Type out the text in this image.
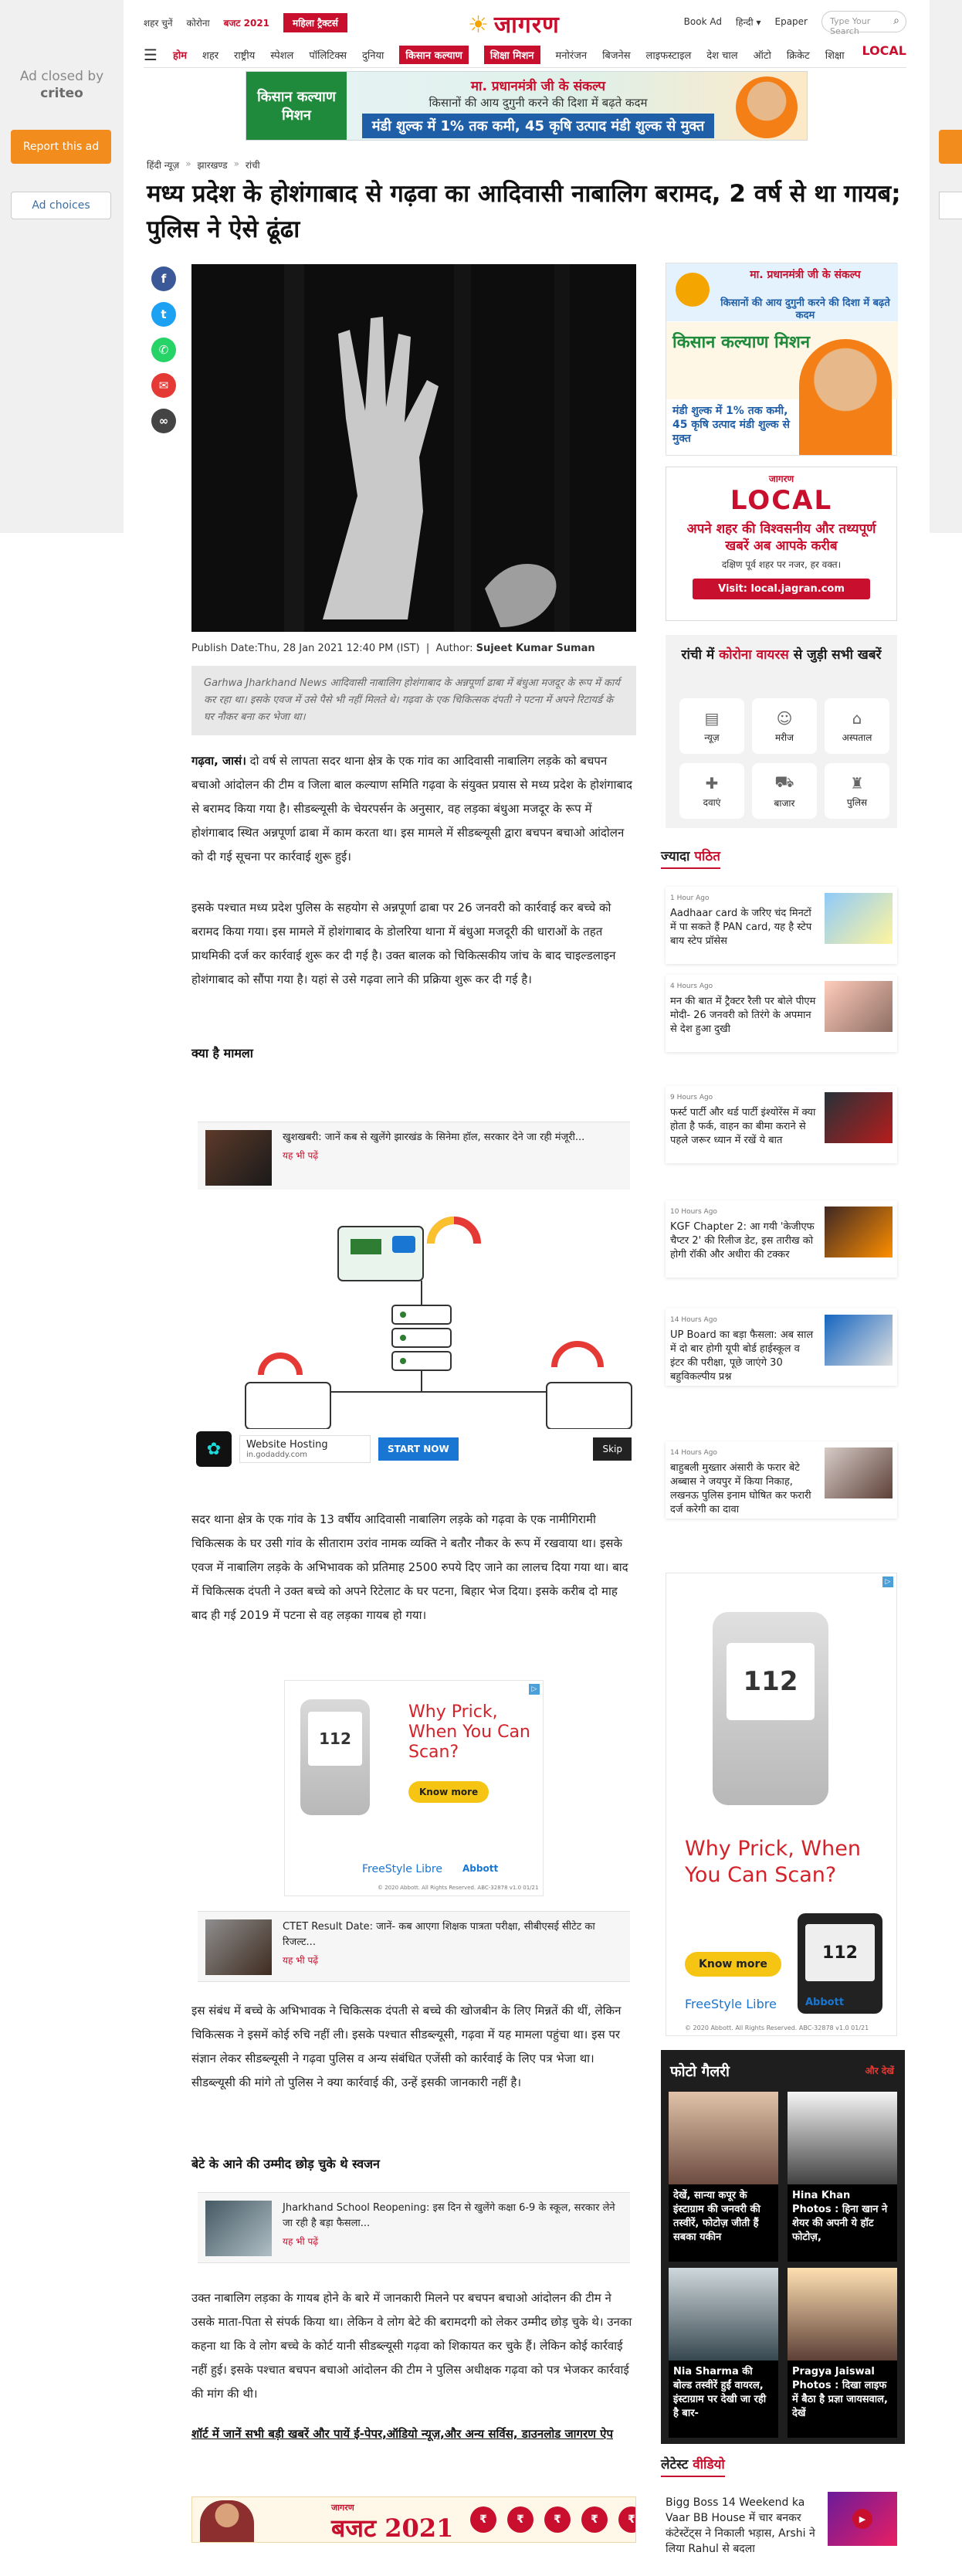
Ad closed by
criteo
Report this ad
Ad choices
शहर चुनें कोरोना बजट 2021	महिला ट्रैक्टर्स	☀ जागरण	Book Ad हिन्दी ▾ Epaper	Type Your Search
⌕
☰ होम शहर राष्ट्रीय स्पेशल पॉलिटिक्स दुनिया	किसान कल्याण	शिक्षा मिशन	मनोरंजन बिजनेस लाइफस्टाइल देश चाल ऑटो क्रिकेट शिक्षा LOCAL
किसान कल्याण मिशन
मा. प्रधानमंत्री जी के संकल्प
किसानों की आय दुगुनी करने की दिशा में बढ़ते कदम
मंडी शुल्क में 1% तक कमी, 45 कृषि उत्पाद मंडी शुल्क से मुक्त
हिंदी न्यूज़ » झारखण्ड » रांची
मध्य प्रदेश के होशंगाबाद से गढ़वा का आदिवासी नाबालिग बरामद, 2 वर्ष से था गायब; पुलिस ने ऐसे ढूंढा
f
t
✆
✉
∞
Publish Date:Thu, 28 Jan 2021 12:40 PM (IST)  |  Author: Sujeet Kumar Suman
Garhwa Jharkhand News आदिवासी नाबालिग होशंगाबाद के अन्नपूर्णा ढाबा में बंधुआ मजदूर के रूप में कार्य कर रहा था। इसके एवज में उसे पैसे भी नहीं मिलते थे। गढ़वा के एक चिकित्सक दंपती ने पटना में अपने रिटायर्ड के घर नौकर बना कर भेजा था।
गढ़वा, जासं। दो वर्ष से लापता सदर थाना क्षेत्र के एक गांव का आदिवासी नाबालिग लड़के को बचपन बचाओ आंदोलन की टीम व जिला बाल कल्याण समिति गढ़वा के संयुक्त प्रयास से मध्य प्रदेश के होशंगाबाद से बरामद किया गया है। सीडब्ल्यूसी के चेयरपर्सन के अनुसार, वह लड़का बंधुआ मजदूर के रूप में होशंगाबाद स्थित अन्नपूर्णा ढाबा में काम करता था। इस मामले में सीडब्ल्यूसी द्वारा बचपन बचाओ आंदोलन को दी गई सूचना पर कार्रवाई शुरू हुई।
इसके पश्चात मध्य प्रदेश पुलिस के सहयोग से अन्नपूर्णा ढाबा पर 26 जनवरी को कार्रवाई कर बच्चे को बरामद किया गया। इस मामले में होशंगाबाद के डोलरिया थाना में बंधुआ मजदूरी की धाराओं के तहत प्राथमिकी दर्ज कर कार्रवाई शुरू कर दी गई है। उक्त बालक को चिकित्सकीय जांच के बाद चाइल्डलाइन होशंगाबाद को सौंपा गया है। यहां से उसे गढ़वा लाने की प्रक्रिया शुरू कर दी गई है।
क्या है मामला
खुशखबरी: जानें कब से खुलेंगे झारखंड के सिनेमा हॉल, सरकार देने जा रही मंजूरी...
यह भी पढ़ें
✿	Website Hosting
in.godaddy.com
START NOW	Skip
सदर थाना क्षेत्र के एक गांव के 13 वर्षीय आदिवासी नाबालिग लड़के को गढ़वा के एक नामीगिरामी चिकित्सक के घर उसी गांव के सीताराम उरांव नामक व्यक्ति ने बतौर नौकर के रूप में रखवाया था। इसके एवज में नाबालिग लड़के के अभिभावक को प्रतिमाह 2500 रुपये दिए जाने का लालच दिया गया था। बाद में चिकित्सक दंपती ने उक्त बच्चे को अपने रिटेलाट के घर पटना, बिहार भेज दिया। इसके करीब दो माह बाद ही गई 2019 में पटना से वह लड़का गायब हो गया।
▷
112
Why Prick, When You Can Scan?
Know more
FreeStyle Libre Abbott
© 2020 Abbott. All Rights Reserved. ABC-32878 v1.0 01/21
CTET Result Date: जानें- कब आएगा शिक्षक पात्रता परीक्षा, सीबीएसई सीटेट का रिजल्ट...
यह भी पढ़ें
इस संबंध में बच्चे के अभिभावक ने चिकित्सक दंपती से बच्चे की खोजबीन के लिए मिन्नतें की थीं, लेकिन चिकित्सक ने इसमें कोई रुचि नहीं ली। इसके पश्चात सीडब्ल्यूसी, गढ़वा में यह मामला पहुंचा था। इस पर संज्ञान लेकर सीडब्ल्यूसी ने गढ़वा पुलिस व अन्य संबंधित एजेंसी को कार्रवाई के लिए पत्र भेजा था। सीडब्ल्यूसी की मांगे तो पुलिस ने क्या कार्रवाई की, उन्हें इसकी जानकारी नहीं है।
बेटे के आने की उम्मीद छोड़ चुके थे स्वजन
Jharkhand School Reopening: इस दिन से खुलेंगे कक्षा 6-9 के स्कूल, सरकार लेने जा रही है बड़ा फैसला...
यह भी पढ़ें
उक्त नाबालिग लड़का के गायब होने के बारे में जानकारी मिलने पर बचपन बचाओ आंदोलन की टीम ने उसके माता-पिता से संपर्क किया था। लेकिन वे लोग बेटे की बरामदगी को लेकर उम्मीद छोड़ चुके थे। उनका कहना था कि वे लोग बच्चे के कोर्ट यानी सीडब्ल्यूसी गढ़वा को शिकायत कर चुके हैं। लेकिन कोई कार्रवाई नहीं हुई। इसके पश्चात बचपन बचाओ आंदोलन की टीम ने पुलिस अधीक्षक गढ़वा को पत्र भेजकर कार्रवाई की मांग की थी।
शॉर्ट में जानें सभी बड़ी खबरें और पायें ई-पेपर,ऑडियो न्यूज़,और अन्य सर्विस, डाउनलोड जागरण ऐप
जागरण
बजट 2021	₹	₹	₹	₹	₹
मा. प्रधानमंत्री जी के संकल्प
किसानों की आय दुगुनी करने की दिशा में बढ़ते कदम
किसान कल्याण मिशन
मंडी शुल्क में 1% तक कमी, 45 कृषि उत्पाद मंडी शुल्क से मुक्त
जागरण
LOCAL
अपने शहर की विश्वसनीय और तथ्यपूर्ण खबरें अब आपके करीब
दक्षिण पूर्व शहर पर नजर, हर वक्त।
Visit: local.jagran.com
रांची में कोरोना वायरस से जुड़ी सभी खबरें
▤
न्यूज़
☺
मरीज
⌂
अस्पताल
✚
दवाएं
⛟
बाजार
♜
पुलिस
ज्यादा पठित
1 Hour Ago
Aadhaar card के जरिए चंद मिनटों में पा सकते हैं PAN card, यह है स्टेप बाय स्टेप प्रॉसेस
4 Hours Ago
मन की बात में ट्रैक्टर रैली पर बोले पीएम मोदी- 26 जनवरी को तिरंगे के अपमान से देश हुआ दुखी
9 Hours Ago
फर्स्ट पार्टी और थर्ड पार्टी इंश्योरेंस में क्या होता है फर्क, वाहन का बीमा कराने से पहले जरूर ध्यान में रखें ये बात
10 Hours Ago
KGF Chapter 2: आ गयी 'केजीएफ चैप्टर 2' की रिलीज डेट, इस तारीख को होगी रॉकी और अधीरा की टक्कर
14 Hours Ago
UP Board का बड़ा फैसला: अब साल में दो बार होगी यूपी बोर्ड हाईस्कूल व इंटर की परीक्षा, पूछे जाएंगे 30 बहुविकल्पीय प्रश्न
14 Hours Ago
बाहुबली मुख्तार अंसारी के फरार बेटे अब्बास ने जयपुर में किया निकाह, लखनऊ पुलिस इनाम घोषित कर फरारी दर्ज करेगी का दावा
▷
112
Why Prick, When You Can Scan?
Know more
112
FreeStyle Libre	Abbott
© 2020 Abbott. All Rights Reserved. ABC-32878 v1.0 01/21
फोटो गैलरी	और देखें
देखें, सान्या कपूर के इंस्टाग्राम की जनवरी की तस्वीरें, फोटोज़ जीती हैं सबका यकीन
Hina Khan Photos : हिना खान ने शेयर की अपनी ये हॉट फोटोज़,
Nia Sharma की बोल्ड तस्वीरें हुईं वायरल, इंस्टाग्राम पर देखी जा रही है बार-
Pragya Jaiswal Photos : दिखा लाइफ में बैठा है प्रज्ञा जायसवाल, देखें
लेटेस्ट वीडियो
Bigg Boss 14 Weekend ka Vaar BB House में चार बनकर कंटेस्टेंट्स ने निकाली भड़ास, Arshi ने लिया Rahul से बदला
▶
